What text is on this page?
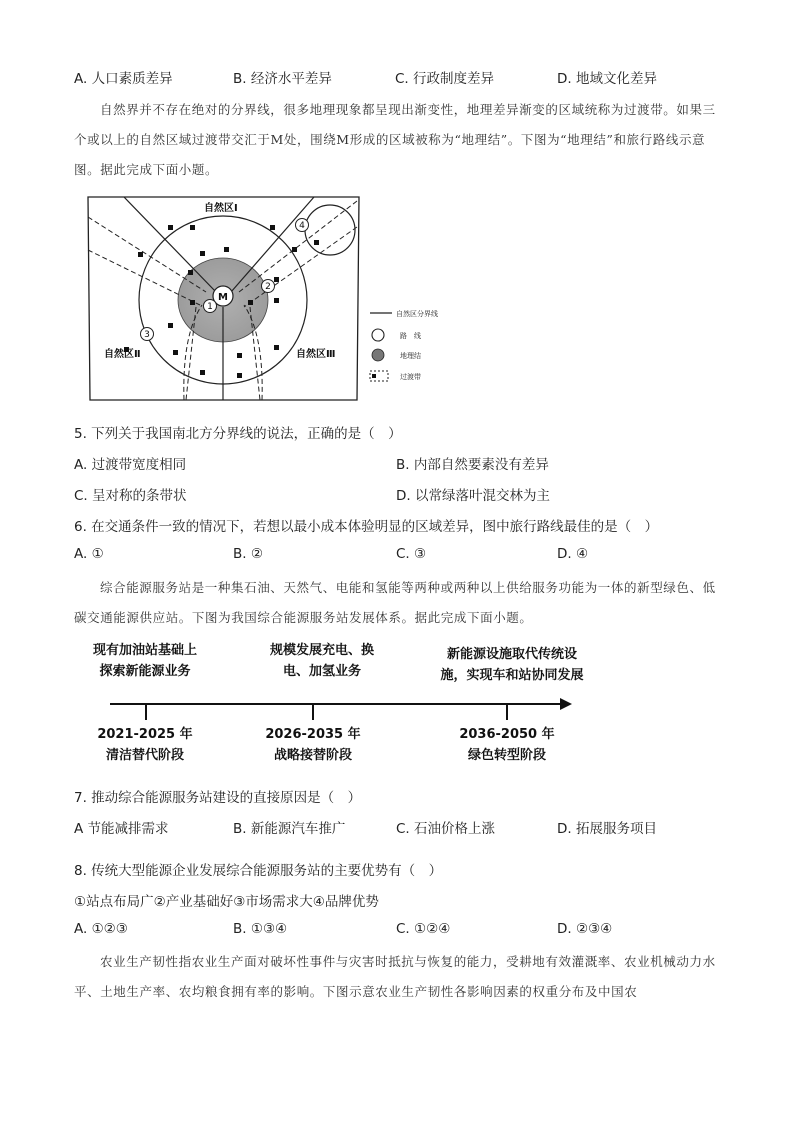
A. 人口素质差异	B. 经济水平差异	C. 行政制度差异	D. 地域文化差异
自然界并不存在绝对的分界线，很多地理现象都呈现出渐变性，地理差异渐变的区域统称为过渡带。如果三个或以上的自然区域过渡带交汇于M处，围绕M形成的区域被称为“地理结”。下图为“地理结”和旅行路线示意图。据此完成下面小题。
M
1
2
3
4
自然区Ⅰ
自然区Ⅱ	自然区Ⅲ
自然区分界线
路　线
地理结
过渡带
5. 下列关于我国南北方分界线的说法，正确的是（　）
A. 过渡带宽度相同	B. 内部自然要素没有差异
C. 呈对称的条带状	D. 以常绿落叶混交林为主
6. 在交通条件一致的情况下，若想以最小成本体验明显的区域差异，图中旅行路线最佳的是（　）
A. ①	B. ②	C. ③	D. ④
综合能源服务站是一种集石油、天然气、电能和氢能等两种或两种以上供给服务功能为一体的新型绿色、低碳交通能源供应站。下图为我国综合能源服务站发展体系。据此完成下面小题。
现有加油站基础上
探索新能源业务
规模发展充电、换
电、加氢业务
新能源设施取代传统设
施，实现车和站协同发展
2021-2025 年
清洁替代阶段
2026-2035 年
战略接替阶段
2036-2050 年
绿色转型阶段
7. 推动综合能源服务站建设的直接原因是（　）
A 节能减排需求	B. 新能源汽车推广	C. 石油价格上涨	D. 拓展服务项目
8. 传统大型能源企业发展综合能源服务站的主要优势有（　）
①站点布局广②产业基础好③市场需求大④品牌优势
A. ①②③	B. ①③④	C. ①②④	D. ②③④
农业生产韧性指农业生产面对破坏性事件与灾害时抵抗与恢复的能力，受耕地有效灌溉率、农业机械动力水平、土地生产率、农均粮食拥有率的影响。下图示意农业生产韧性各影响因素的权重分布及中国农
